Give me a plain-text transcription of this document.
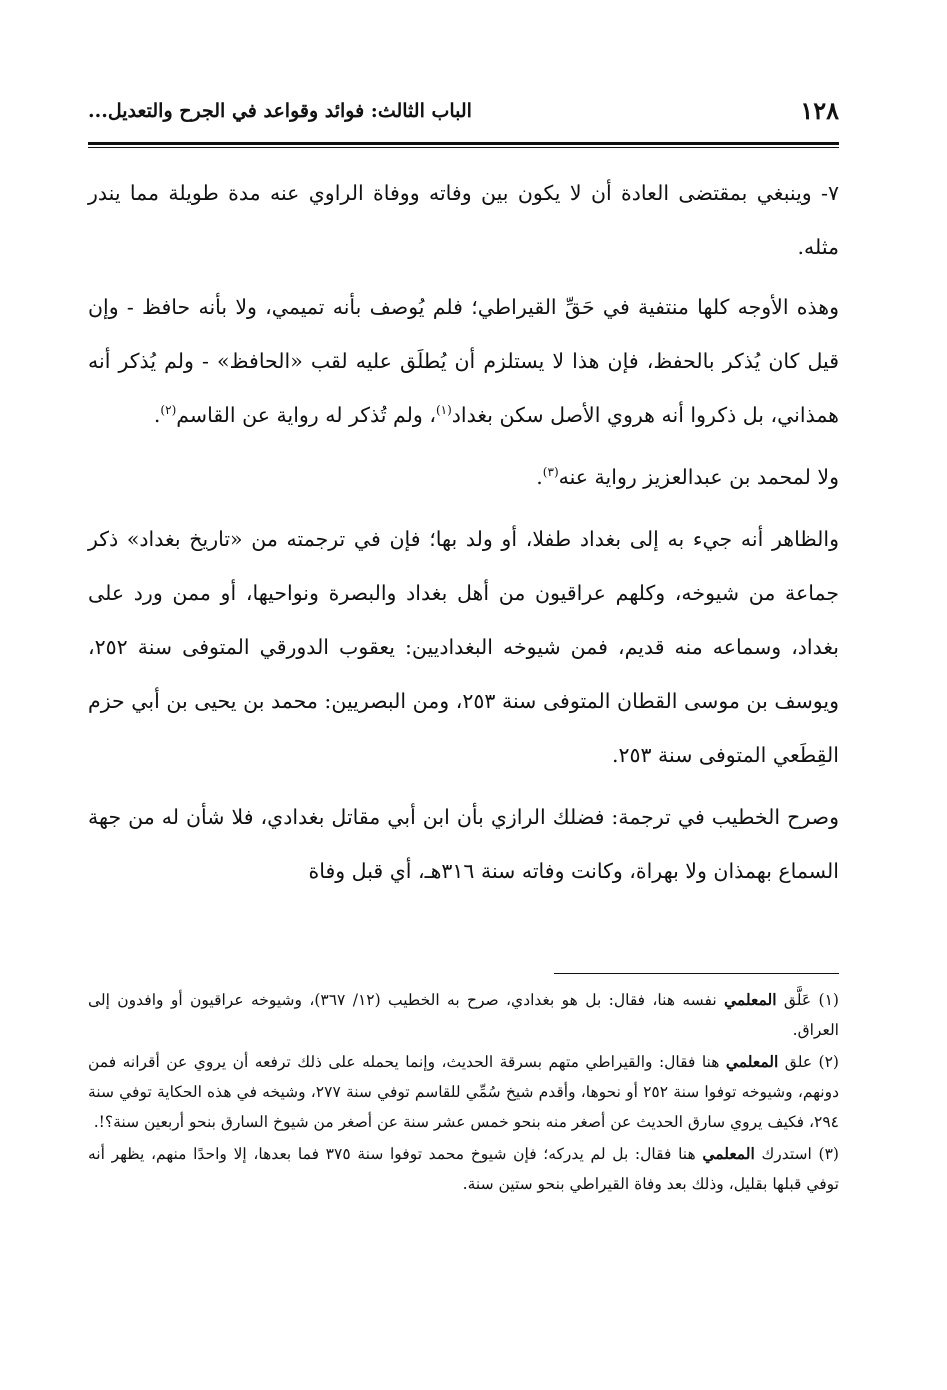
١٢٨
الباب الثالث: فوائد وقواعد في الجرح والتعديل...

٧- وينبغي بمقتضى العادة أن لا يكون بين وفاته ووفاة الراوي عنه مدة طويلة مما يندر مثله.

وهذه الأوجه كلها منتفية في حَقِّ القيراطي؛ فلم يُوصف بأنه تميمي، ولا بأنه حافظ - وإن قيل كان يُذكر بالحفظ، فإن هذا لا يستلزم أن يُطلَق عليه لقب «الحافظ» - ولم يُذكر أنه همذاني، بل ذكروا أنه هروي الأصل سكن بغداد$^{(١)}$، ولم تُذكر له رواية عن القاسم$^{(٢)}$.

ولا لمحمد بن عبدالعزيز رواية عنه$^{(٣)}$.

والظاهر أنه جيء به إلى بغداد طفلا، أو ولد بها؛ فإن في ترجمته من «تاريخ بغداد» ذكر جماعة من شيوخه، وكلهم عراقيون من أهل بغداد والبصرة ونواحيها، أو ممن ورد على بغداد، وسماعه منه قديم، فمن شيوخه البغداديين: يعقوب الدورقي المتوفى سنة ٢٥٢، ويوسف بن موسى القطان المتوفى سنة ٢٥٣، ومن البصريين: محمد بن يحيى بن أبي حزم القِطَعي المتوفى سنة ٢٥٣.

وصرح الخطيب في ترجمة: فضلك الرازي بأن ابن أبي مقاتل بغدادي، فلا شأن له من جهة السماع بهمذان ولا بهراة، وكانت وفاته سنة ٣١٦هـ، أي قبل وفاة

(١) عَلَّق المعلمي نفسه هنا، فقال: بل هو بغدادي، صرح به الخطيب (١٢/ ٣٦٧)، وشيوخه عراقيون أو وافدون إلى العراق.

(٢) علق المعلمي هنا فقال: والقيراطي متهم بسرقة الحديث، وإنما يحمله على ذلك ترفعه أن يروي عن أقرانه فمن دونهم، وشيوخه توفوا سنة ٢٥٢ أو نحوها، وأقدم شيخ سُمِّي للقاسم توفي سنة ٢٧٧، وشيخه في هذه الحكاية توفي سنة ٢٩٤، فكيف يروي سارق الحديث عن أصغر منه بنحو خمس عشر سنة عن أصغر من شيوخ السارق بنحو أربعين سنة؟!.

(٣) استدرك المعلمي هنا فقال: بل لم يدركه؛ فإن شيوخ محمد توفوا سنة ٣٧٥ فما بعدها، إلا واحدًا منهم، يظهر أنه توفي قبلها بقليل، وذلك بعد وفاة القيراطي بنحو ستين سنة.
